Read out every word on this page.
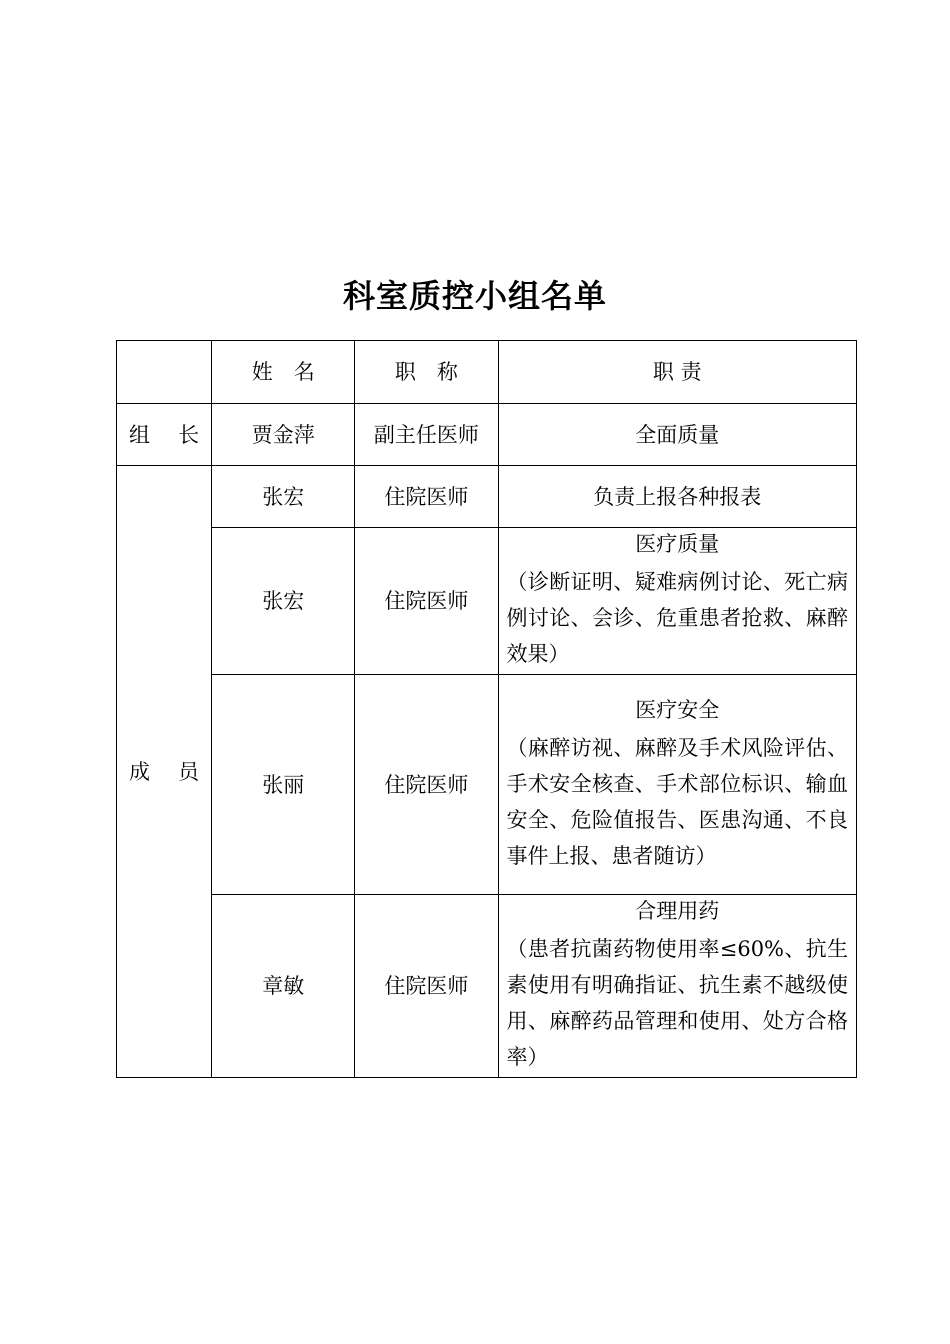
科室质控小组名单
	姓　名	职　称	职 责

组 长	贾金萍	副主任医师	全面质量

成 员	张宏	住院医师	负责上报各种报表
	张宏	住院医师	医疗质量
（诊断证明、疑难病例讨论、死亡病例讨论、会诊、危重患者抢救、麻醉效果）

	张丽	住院医师	医疗安全
（麻醉访视、麻醉及手术风险评估、手术安全核查、手术部位标识、输血安全、危险值报告、医患沟通、不良事件上报、患者随访）

	章敏	住院医师	合理用药
（患者抗菌药物使用率≤60%、抗生素使用有明确指证、抗生素不越级使用、麻醉药品管理和使用、处方合格率）
